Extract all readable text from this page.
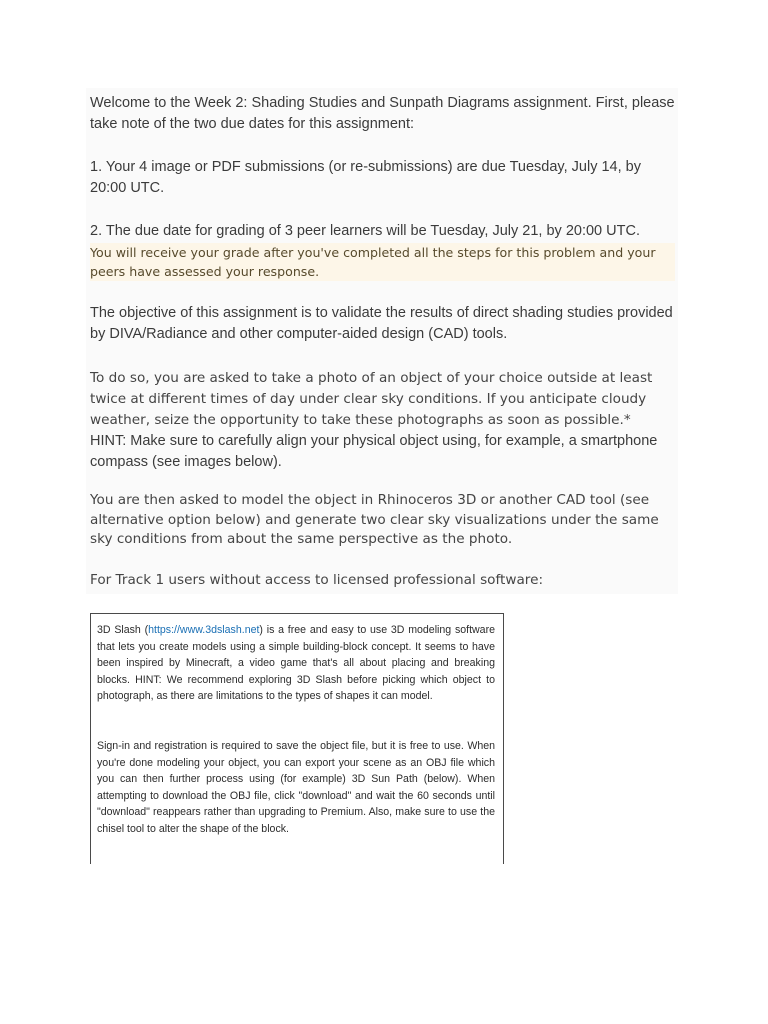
Welcome to the Week 2: Shading Studies and Sunpath Diagrams assignment. First, please take note of the two due dates for this assignment:

1. Your 4 image or PDF submissions (or re-submissions) are due Tuesday, July 14, by 20:00 UTC.

2. The due date for grading of 3 peer learners will be Tuesday, July 21, by 20:00 UTC.
You will receive your grade after you've completed all the steps for this problem and your peers have assessed your response.

The objective of this assignment is to validate the results of direct shading studies provided by DIVA/Radiance and other computer-aided design (CAD) tools.

To do so, you are asked to take a photo of an object of your choice outside at least twice at different times of day under clear sky conditions. If you anticipate cloudy weather, seize the opportunity to take these photographs as soon as possible.*
HINT: Make sure to carefully align your physical object using, for example, a smartphone compass (see images below).

You are then asked to model the object in Rhinoceros 3D or another CAD tool (see alternative option below) and generate two clear sky visualizations under the same sky conditions from about the same perspective as the photo.

For Track 1 users without access to licensed professional software:

3D Slash (https://www.3dslash.net) is a free and easy to use 3D modeling software that lets you create models using a simple building-block concept. It seems to have been inspired by Minecraft, a video game that's all about placing and breaking blocks. HINT: We recommend exploring 3D Slash before picking which object to photograph, as there are limitations to the types of shapes it can model.

Sign-in and registration is required to save the object file, but it is free to use. When you're done modeling your object, you can export your scene as an OBJ file which you can then further process using (for example) 3D Sun Path (below). When attempting to download the OBJ file, click "download" and wait the 60 seconds until "download" reappears rather than upgrading to Premium. Also, make sure to use the chisel tool to alter the shape of the block.
